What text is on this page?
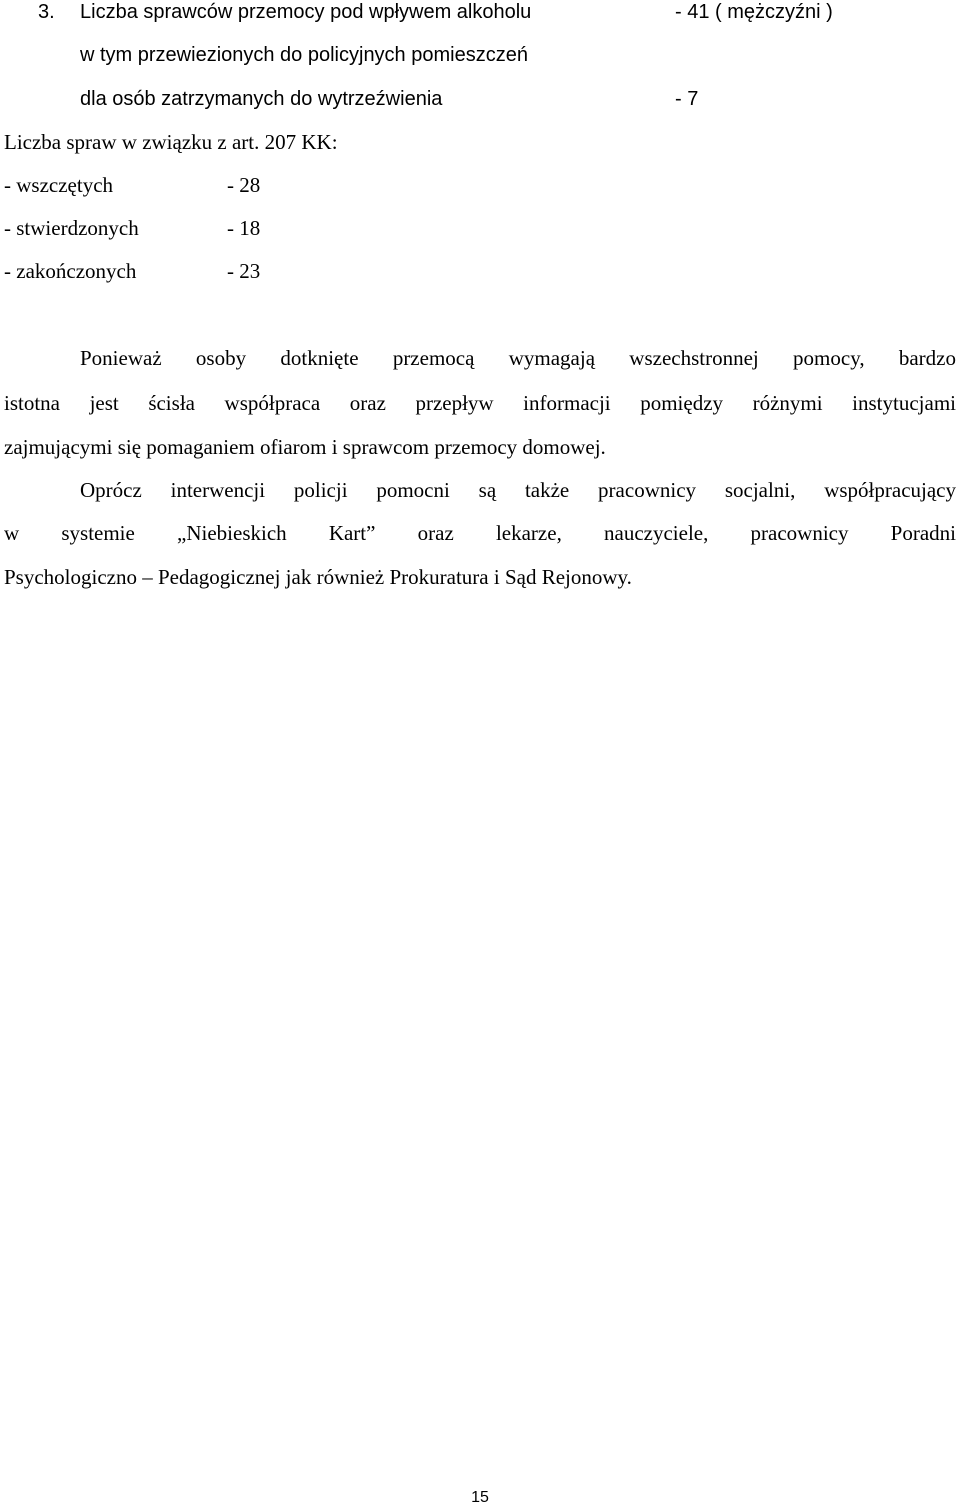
3. Liczba sprawców przemocy pod wpływem alkoholu	- 41 ( mężczyźni )
w tym przewiezionych do policyjnych pomieszczeń
dla osób zatrzymanych do wytrzeźwienia	- 7
Liczba spraw w związku z art. 207 KK:
- wszczętych	- 28
- stwierdzonych	- 18
- zakończonych	- 23
Ponieważ osoby dotknięte przemocą wymagają wszechstronnej pomocy, bardzo
istotna jest ścisła współpraca oraz przepływ informacji pomiędzy różnymi instytucjami
zajmującymi się pomaganiem ofiarom i sprawcom przemocy domowej.
Oprócz interwencji policji pomocni są także pracownicy socjalni, współpracujący
w systemie „Niebieskich Kart” oraz lekarze, nauczyciele, pracownicy Poradni
Psychologiczno – Pedagogicznej jak również Prokuratura i Sąd Rejonowy.
15
